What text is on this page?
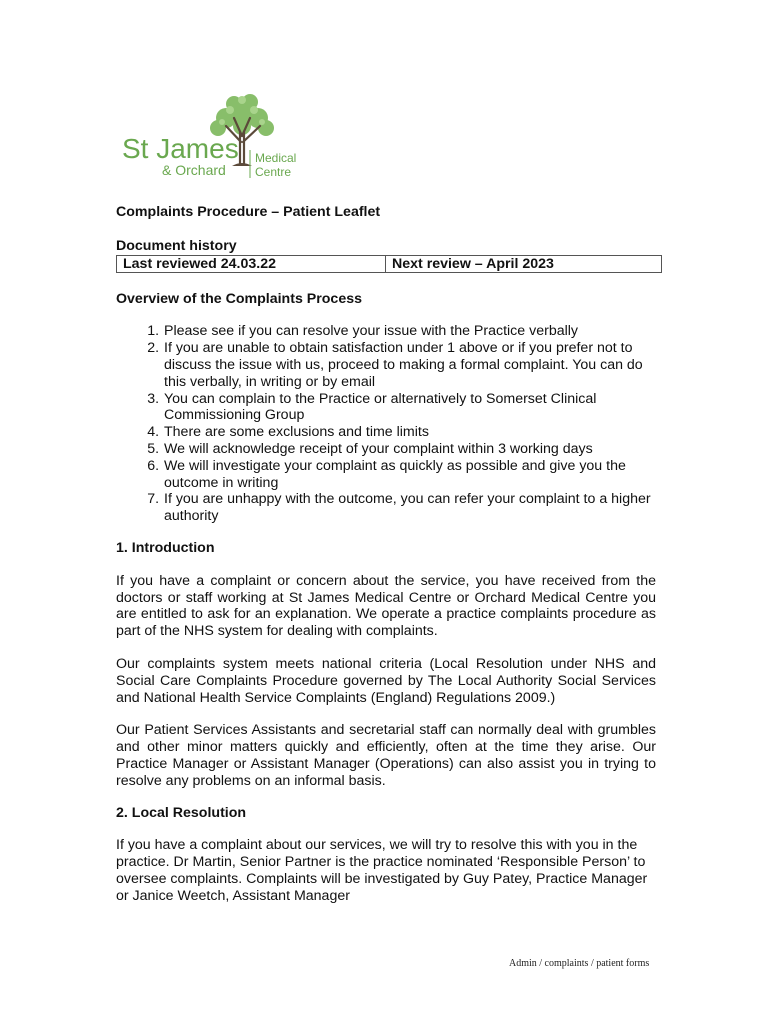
St James
& Orchard
Medical
Centre

Complaints Procedure – Patient Leaflet

Document history

Last reviewed 24.03.22	Next review – April 2023

Overview of the Complaints Process

1. Please see if you can resolve your issue with the Practice verbally
2. If you are unable to obtain satisfaction under 1 above or if you prefer not to discuss the issue with us, proceed to making a formal complaint. You can do this verbally, in writing or by email
3. You can complain to the Practice or alternatively to Somerset Clinical Commissioning Group
4. There are some exclusions and time limits
5. We will acknowledge receipt of your complaint within 3 working days
6. We will investigate your complaint as quickly as possible and give you the outcome in writing
7. If you are unhappy with the outcome, you can refer your complaint to a higher authority

1. Introduction

If you have a complaint or concern about the service, you have received from the doctors or staff working at St James Medical Centre or Orchard Medical Centre you are entitled to ask for an explanation. We operate a practice complaints procedure as part of the NHS system for dealing with complaints.

Our complaints system meets national criteria (Local Resolution under NHS and Social Care Complaints Procedure governed by The Local Authority Social Services and National Health Service Complaints (England) Regulations 2009.)

Our Patient Services Assistants and secretarial staff can normally deal with grumbles and other minor matters quickly and efficiently, often at the time they arise. Our Practice Manager or Assistant Manager (Operations) can also assist you in trying to resolve any problems on an informal basis.

2. Local Resolution

If you have a complaint about our services, we will try to resolve this with you in the practice. Dr Martin, Senior Partner is the practice nominated ‘Responsible Person’ to oversee complaints. Complaints will be investigated by Guy Patey, Practice Manager or Janice Weetch, Assistant Manager

Admin / complaints / patient forms
